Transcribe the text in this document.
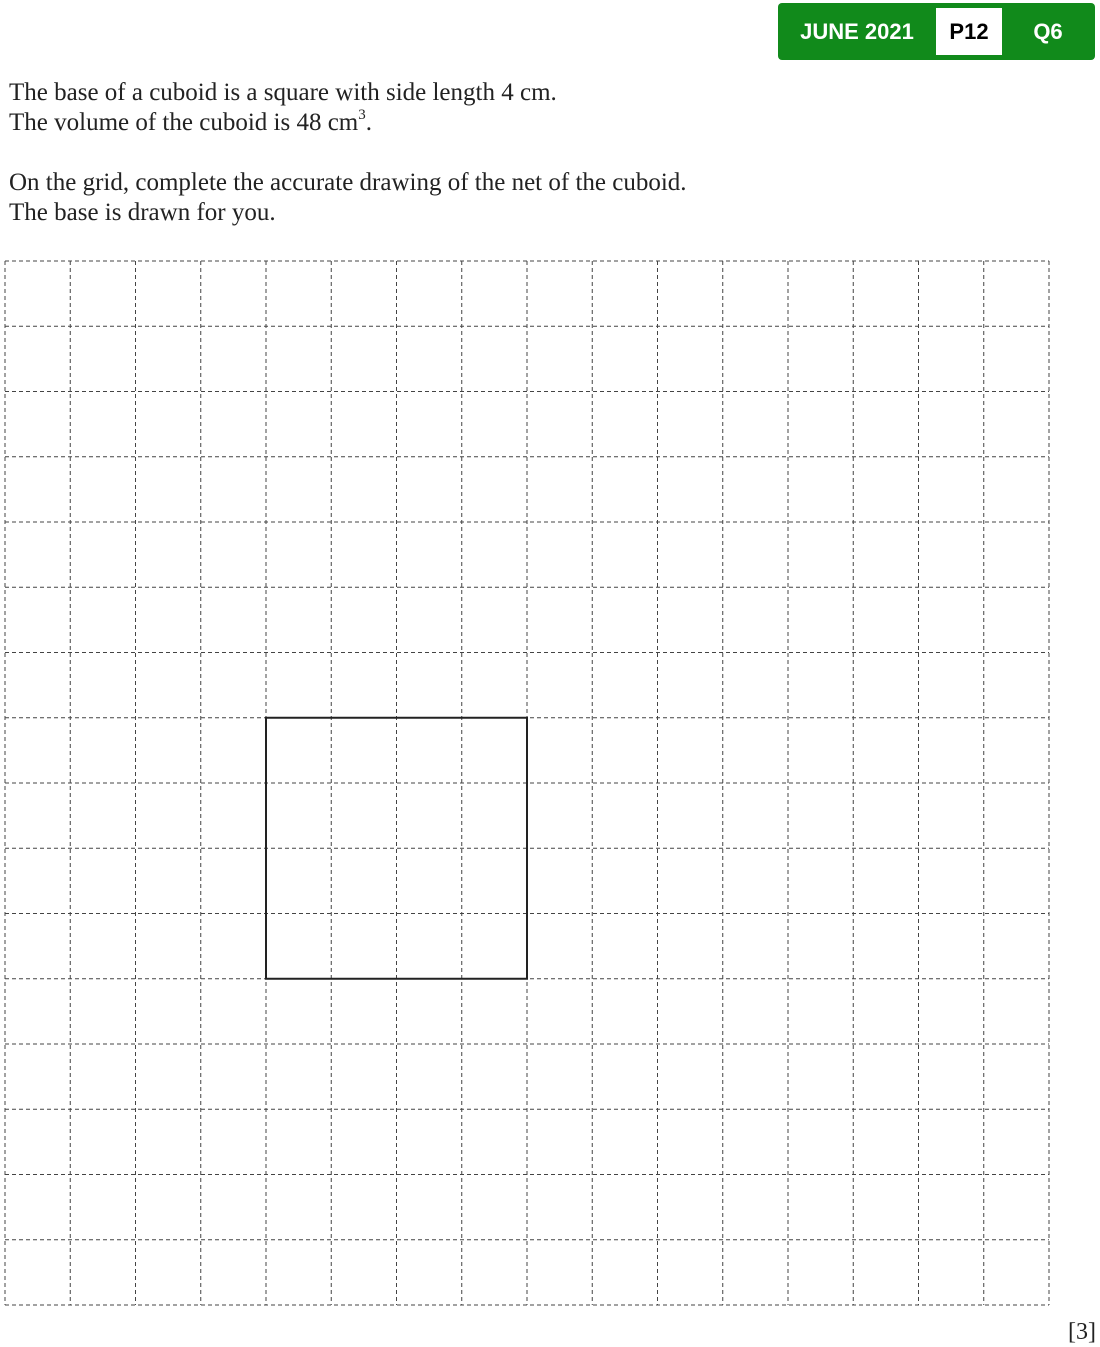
JUNE 2021	P12	Q6

The base of a cuboid is a square with side length 4 cm.

The volume of the cuboid is 48 $cm^3$.

On the grid, complete the accurate drawing of the net of the cuboid.

The base is drawn for you.

[3]
